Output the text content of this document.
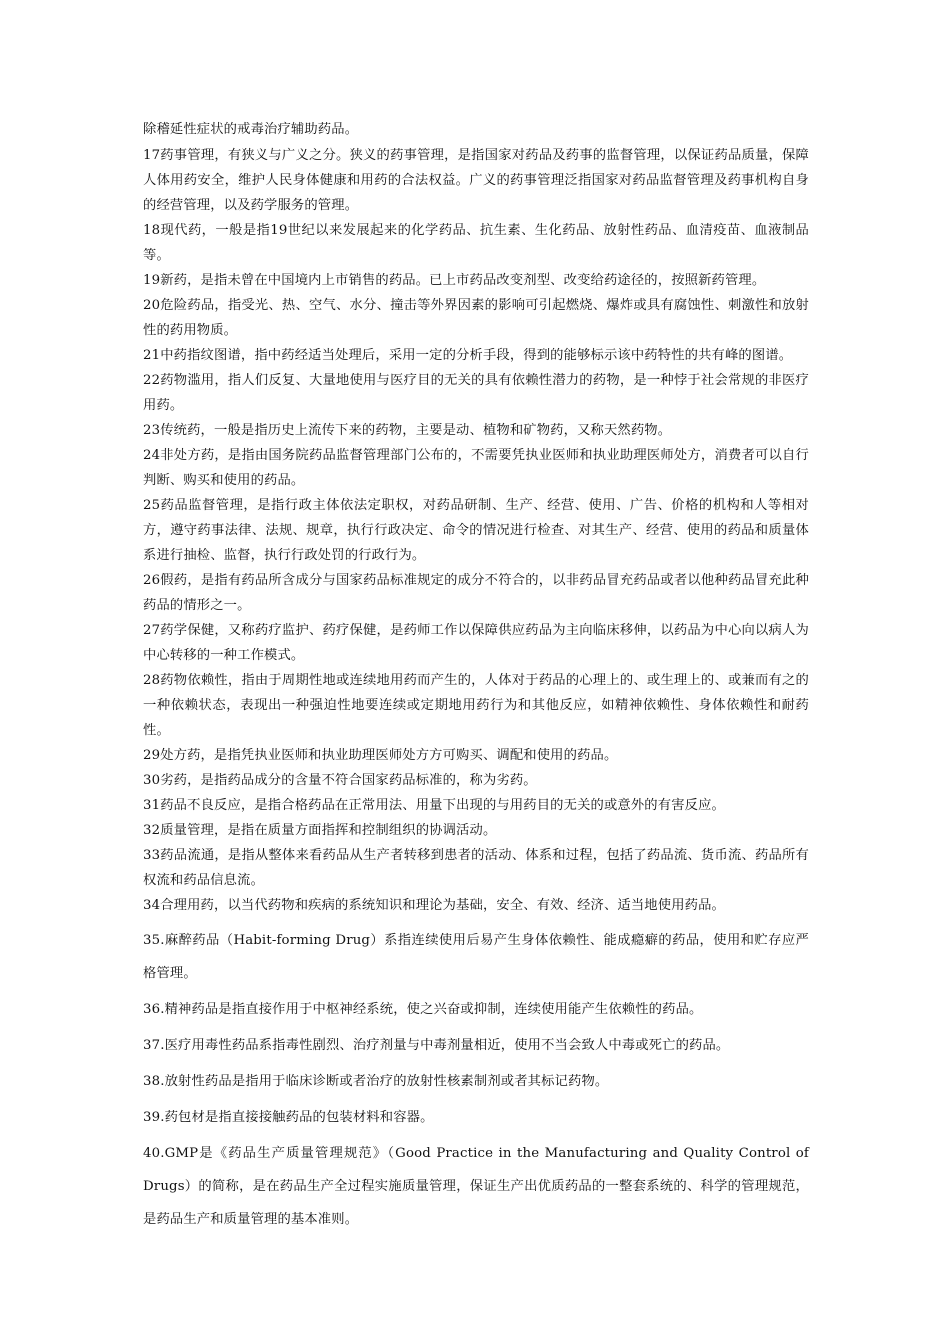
除稽延性症状的戒毒治疗辅助药品。

17药事管理，有狭义与广义之分。狭义的药事管理，是指国家对药品及药事的监督管理，以保证药品质量，保障人体用药安全，维护人民身体健康和用药的合法权益。广义的药事管理泛指国家对药品监督管理及药事机构自身的经营管理，以及药学服务的管理。

18现代药，一般是指19世纪以来发展起来的化学药品、抗生素、生化药品、放射性药品、血清疫苗、血液制品等。

19新药，是指未曾在中国境内上市销售的药品。已上市药品改变剂型、改变给药途径的，按照新药管理。

20危险药品，指受光、热、空气、水分、撞击等外界因素的影响可引起燃烧、爆炸或具有腐蚀性、刺激性和放射性的药用物质。

21中药指纹图谱，指中药经适当处理后，采用一定的分析手段，得到的能够标示该中药特性的共有峰的图谱。

22药物滥用，指人们反复、大量地使用与医疗目的无关的具有依赖性潜力的药物，是一种悖于社会常规的非医疗用药。

23传统药，一般是指历史上流传下来的药物，主要是动、植物和矿物药，又称天然药物。

24非处方药，是指由国务院药品监督管理部门公布的，不需要凭执业医师和执业助理医师处方，消费者可以自行判断、购买和使用的药品。

25药品监督管理，是指行政主体依法定职权，对药品研制、生产、经营、使用、广告、价格的机构和人等相对方，遵守药事法律、法规、规章，执行行政决定、命令的情况进行检查、对其生产、经营、使用的药品和质量体系进行抽检、监督，执行行政处罚的行政行为。

26假药，是指有药品所含成分与国家药品标准规定的成分不符合的，以非药品冒充药品或者以他种药品冒充此种药品的情形之一。

27药学保健，又称药疗监护、药疗保健，是药师工作以保障供应药品为主向临床移伸，以药品为中心向以病人为中心转移的一种工作模式。

28药物依赖性，指由于周期性地或连续地用药而产生的，人体对于药品的心理上的、或生理上的、或兼而有之的一种依赖状态，表现出一种强迫性地要连续或定期地用药行为和其他反应，如精神依赖性、身体依赖性和耐药性。

29处方药，是指凭执业医师和执业助理医师处方方可购买、调配和使用的药品。

30劣药，是指药品成分的含量不符合国家药品标准的，称为劣药。

31药品不良反应，是指合格药品在正常用法、用量下出现的与用药目的无关的或意外的有害反应。

32质量管理，是指在质量方面指挥和控制组织的协调活动。

33药品流通，是指从整体来看药品从生产者转移到患者的活动、体系和过程，包括了药品流、货币流、药品所有权流和药品信息流。

34合理用药，以当代药物和疾病的系统知识和理论为基础，安全、有效、经济、适当地使用药品。

35.麻醉药品（Habit-forming Drug）系指连续使用后易产生身体依赖性、能成瘾癖的药品，使用和贮存应严格管理。

36.精神药品是指直接作用于中枢神经系统，使之兴奋或抑制，连续使用能产生依赖性的药品。

37.医疗用毒性药品系指毒性剧烈、治疗剂量与中毒剂量相近，使用不当会致人中毒或死亡的药品。

38.放射性药品是指用于临床诊断或者治疗的放射性核素制剂或者其标记药物。

39.药包材是指直接接触药品的包装材料和容器。

40.GMP是《药品生产质量管理规范》（Good Practice in the Manufacturing and Quality Control of Drugs）的简称，是在药品生产全过程实施质量管理，保证生产出优质药品的一整套系统的、科学的管理规范，是药品生产和质量管理的基本准则。
